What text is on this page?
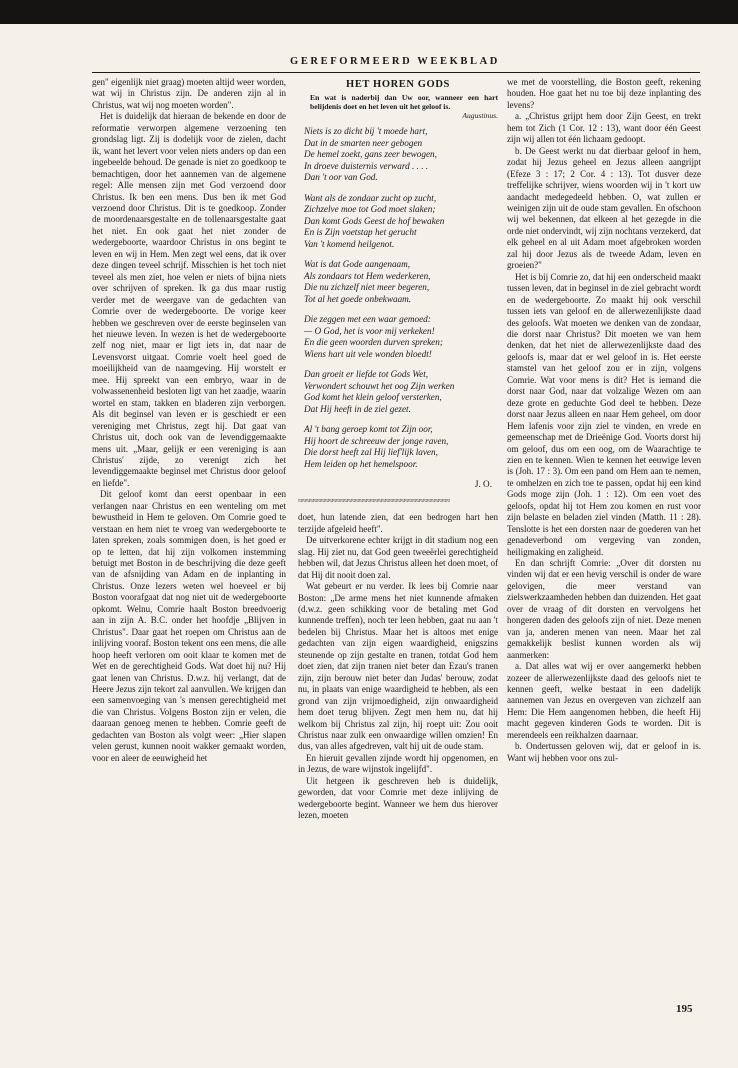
GEREFORMEERD WEEKBLAD

gen" eigenlijk niet graag) moeten altijd weer worden, wat wij in Christus zijn. De anderen zijn al in Christus, wat wij nog moeten worden".

Het is duidelijk dat hieraan de bekende en door de reformatie verworpen algemene verzoening ten grondslag ligt. Zij is dodelijk voor de zielen, dacht ik, want het levert voor velen niets anders op dan een ingebeelde behoud. De genade is niet zo goedkoop te bemachtigen, door het aannemen van de algemene regel: Alle mensen zijn met God verzoend door Christus. Ik ben een mens. Dus ben ik met God verzoend door Christus. Dit is te goedkoop. Zonder de moordenaarsgestalte en de tollenaarsgestalte gaat het niet. En ook gaat het niet zonder de wedergeboorte, waardoor Christus in ons begint te leven en wij in Hem. Men zegt wel eens, dat ik over deze dingen teveel schrijf. Misschien is het toch niet teveel als men ziet, hoe velen er niets of bijna niets over schrijven of spreken. Ik ga dus maar rustig verder met de weergave van de gedachten van Comrie over de wedergeboorte. De vorige keer hebben we geschreven over de eerste beginselen van het nieuwe leven. In wezen is het de wedergeboorte zelf nog niet, maar er ligt iets in, dat naar de Levensvorst uitgaat. Comrie voelt heel goed de moeilijkheid van de naamgeving. Hij worstelt er mee. Hij spreekt van een embryo, waar in de volwassenenheid besloten ligt van het zaadje, waarin wortel en stam, takken en bladeren zijn verborgen. Als dit beginsel van leven er is geschiedt er een vereniging met Christus, zegt hij. Dat gaat van Christus uit, doch ook van de levendiggemaakte mens uit. „Maar, gelijk er een vereniging is aan Christus' zijde, zo verenigt zich het levendiggemaakte beginsel met Christus door geloof en liefde".

Dit geloof komt dan eerst openbaar in een verlangen naar Christus en een wenteling om met bewustheid in Hem te geloven. Om Comrie goed te verstaan en hem niet te vroeg van wedergeboorte te laten spreken, zoals sommigen doen, is het goed er op te letten, dat hij zijn volkomen instemming betuigt met Boston in de beschrijving die deze geeft van de afsnijding van Adam en de inplanting in Christus. Onze lezers weten wel hoeveel er bij Boston voorafgaat dat nog niet uit de wedergeboorte opkomt. Welnu, Comrie haalt Boston breedvoerig aan in zijn A. B.C. onder het hoofdje „Blijven in Christus". Daar gaat het roepen om Christus aan de inlijving vooraf. Boston tekent ons een mens, die alle hoop heeft verloren om ooit klaar te komen met de Wet en de gerechtigheid Gods. Wat doet hij nu? Hij gaat lenen van Christus. D.w.z. hij verlangt, dat de Heere Jezus zijn tekort zal aanvullen. We krijgen dan een samenvoeging van 's mensen gerechtigheid met die van Christus. Volgens Boston zijn er velen, die daaraan genoeg menen te hebben. Comrie geeft de gedachten van Boston als volgt weer: „Hier slapen velen gerust, kunnen nooit wakker gemaakt worden, voor en aleer de eeuwigheid het

HET HOREN GODS
En wat is naderbij dan Uw oor, wanneer een hart belijdenis doet en het leven uit het geloof is.
Augustinus.
Niets is zo dicht bij 't moede hart,
Dat in de smarten neer gebogen
De hemel zoekt, gans zeer bewogen,
In droeve duisternis verward . . . .
Dan 't oor van God.
Want als de zondaar zucht op zucht,
Zichzelve moe tot God moet slaken;
Dan komt Gods Geest de hof bewaken
En is Zijn voetstap het gerucht
Van 't komend heilgenot.
Wat is dat Gode aangenaam,
Als zondaars tot Hem wederkeren,
Die nu zichzelf niet meer begeren,
Tot al het goede onbekwaam.
Die zeggen met een waar gemoed:
— O God, het is voor mij verkeken!
En die geen woorden durven spreken;
Wiens hart uit vele wonden bloedt!
Dan groeit er liefde tot Gods Wet,
Verwondert schouwt het oog Zijn werken
God komt het klein geloof versterken,
Dat Hij heeft in de ziel gezet.
Al 't bang geroep komt tot Zijn oor,
Hij hoort de schreeuw der jonge raven,
Die dorst heeft zal Hij lief'lijk laven,
Hem leiden op het hemelspoor.
J. O.
≈≈≈≈≈≈≈≈≈≈≈≈≈≈≈≈≈≈≈≈≈≈≈≈≈≈≈≈≈≈≈≈≈≈≈≈≈≈≈≈

doet, hun latende zien, dat een bedrogen hart hen terzijde afgeleid heeft".

De uitverkorene echter krijgt in dit stadium nog een slag. Hij ziet nu, dat God geen tweeërlei gerechtigheid hebben wil, dat Jezus Christus alleen het doen moet, of dat Hij dit nooit doen zal.

Wat gebeurt er nu verder. Ik lees bij Comrie naar Boston: „De arme mens het niet kunnende afmaken (d.w.z. geen schikking voor de betaling met God kunnende treffen), noch ter leen hebben, gaat nu aan 't bedelen bij Christus. Maar het is altoos met enige gedachten van zijn eigen waardigheid, enigszins steunende op zijn gestalte en tranen, totdat God hem doet zien, dat zijn tranen niet beter dan Ezau's tranen zijn, zijn berouw niet beter dan Judas' berouw, zodat nu, in plaats van enige waardigheid te hebben, als een grond van zijn vrijmoedigheid, zijn onwaardigheid hem doet terug blijven. Zegt men hem nu, dat hij welkom bij Christus zal zijn, hij roept uit: Zou ooit Christus naar zulk een onwaardige willen omzien! En dus, van alles afgedreven, valt hij uit de oude stam.

En hieruit gevallen zijnde wordt hij opgenomen, en in Jezus, de ware wijnstok ingelijfd".

Uit hetgeen ik geschreven heb is duidelijk, geworden, dat voor Comrie met deze inlijving de wedergeboorte begint. Wanneer we hem dus hierover lezen, moeten

we met de voorstelling, die Boston geeft, rekening houden. Hoe gaat het nu toe bij deze inplanting des levens?

a. „Christus grijpt hem door Zijn Geest, en trekt hem tot Zich (1 Cor. 12 : 13), want door één Geest zijn wij allen tot één lichaam gedoopt.

b. De Geest werkt nu dat dierbaar geloof in hem, zodat hij Jezus geheel en Jezus alleen aangrijpt (Efeze 3 : 17; 2 Cor. 4 : 13). Tot dusver deze treffelijke schrijver, wiens woorden wij in 't kort uw aandacht medegedeeld hebben. O, wat zullen er weinigen zijn uit de oude stam gevallen. En ofschoon wij wel bekennen, dat elkeen al het gezegde in die orde niet ondervindt, wij zijn nochtans verzekerd, dat elk geheel en al uit Adam moet afgebroken worden zal hij door Jezus als de tweede Adam, leven en groeien?"

Het is bij Comrie zo, dat hij een onderscheid maakt tussen leven, dat in beginsel in de ziel gebracht wordt en de wedergeboorte. Zo maakt hij ook verschil tussen iets van geloof en de allerwezenlijkste daad des geloofs. Wat moeten we denken van de zondaar, die dorst naar Christus? Dit moeten we van hem denken, dat het niet de allerwezenlijkste daad des geloofs is, maar dat er wel geloof in is. Het eerste stamstel van het geloof zou er in zijn, volgens Comrie. Wat voor mens is dit? Het is iemand die dorst naar God, naar dat volzalige Wezen om aan deze grote en geduchte God deel te hebben. Deze dorst naar Jezus alleen en naar Hem geheel, om door Hem lafenis voor zijn ziel te vinden, en vrede en gemeenschap met de Drieënige God. Voorts dorst hij om geloof, dus om een oog, om de Waarachtige te zien en te kennen. Wien te kennen het eeuwige leven is (Joh. 17 : 3). Om een pand om Hem aan te nemen, te omhelzen en zich toe te passen, opdat hij een kind Gods moge zijn (Joh. 1 : 12). Om een voet des geloofs, opdat hij tot Hem zou komen en rust voor zijn belaste en beladen ziel vinden (Matth. 11 : 28). Tenslotte is het een dorsten naar de goederen van het genadeverbond om vergeving van zonden, heiligmaking en zaligheid.

En dan schrijft Comrie: „Over dit dorsten nu vinden wij dat er een hevig verschil is onder de ware gelovigen, die meer verstand van zielswerkzaamheden hebben dan duizenden. Het gaat over de vraag of dit dorsten en vervolgens het hongeren daden des geloofs zijn of niet. Deze menen van ja, anderen menen van neen. Maar het zal gemakkelijk beslist kunnen worden als wij aanmerken:

a. Dat alles wat wij er over aangemerkt hebben zozeer de allerwezenlijkste daad des geloofs niet te kennen geeft, welke bestaat in een dadelijk aannemen van Jezus en overgeven van zichzelf aan Hem: Die Hem aangenomen hebben, die heeft Hij macht gegeven kinderen Gods te worden. Dit is merendeels een reikhalzen daarnaar.

b. Ondertussen geloven wij, dat er geloof in is. Want wij hebben voor ons zul-

195
